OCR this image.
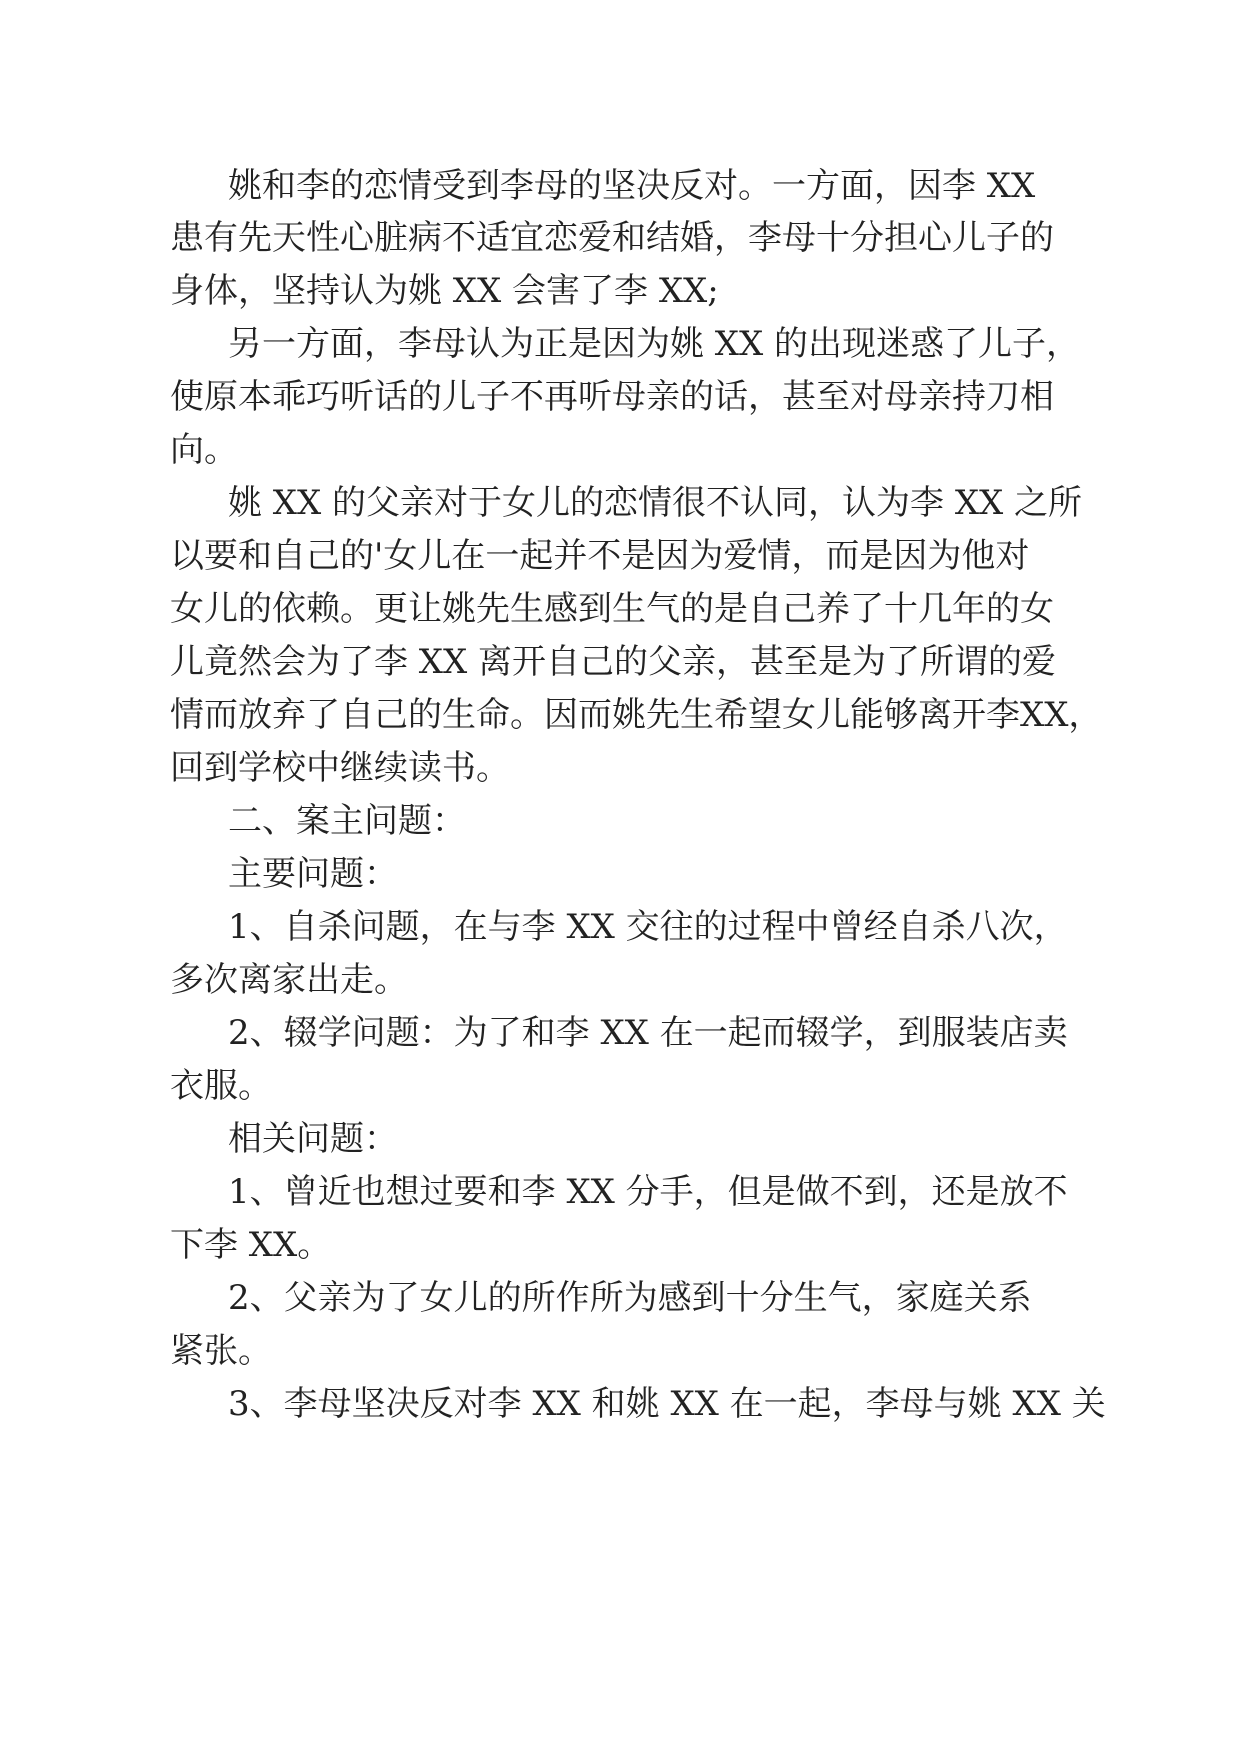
姚和李的恋情受到李母的坚决反对。一方面，因李 XX
患有先天性心脏病不适宜恋爱和结婚，李母十分担心儿子的
身体，坚持认为姚 XX 会害了李 XX;
另一方面，李母认为正是因为姚 XX 的出现迷惑了儿子，
使原本乖巧听话的儿子不再听母亲的话，甚至对母亲持刀相
向。
姚 XX 的父亲对于女儿的恋情很不认同，认为李 XX 之所
以要和自己的'女儿在一起并不是因为爱情，而是因为他对
女儿的依赖。更让姚先生感到生气的是自己养了十几年的女
儿竟然会为了李 XX 离开自己的父亲，甚至是为了所谓的爱
情而放弃了自己的生命。因而姚先生希望女儿能够离开李XX，
回到学校中继续读书。
二、案主问题：
主要问题：
1、自杀问题，在与李 XX 交往的过程中曾经自杀八次，
多次离家出走。
2、辍学问题：为了和李 XX 在一起而辍学，到服装店卖
衣服。
相关问题：
1、曾近也想过要和李 XX 分手，但是做不到，还是放不
下李 XX。
2、父亲为了女儿的所作所为感到十分生气，家庭关系
紧张。
3、李母坚决反对李 XX 和姚 XX 在一起，李母与姚 XX 关
